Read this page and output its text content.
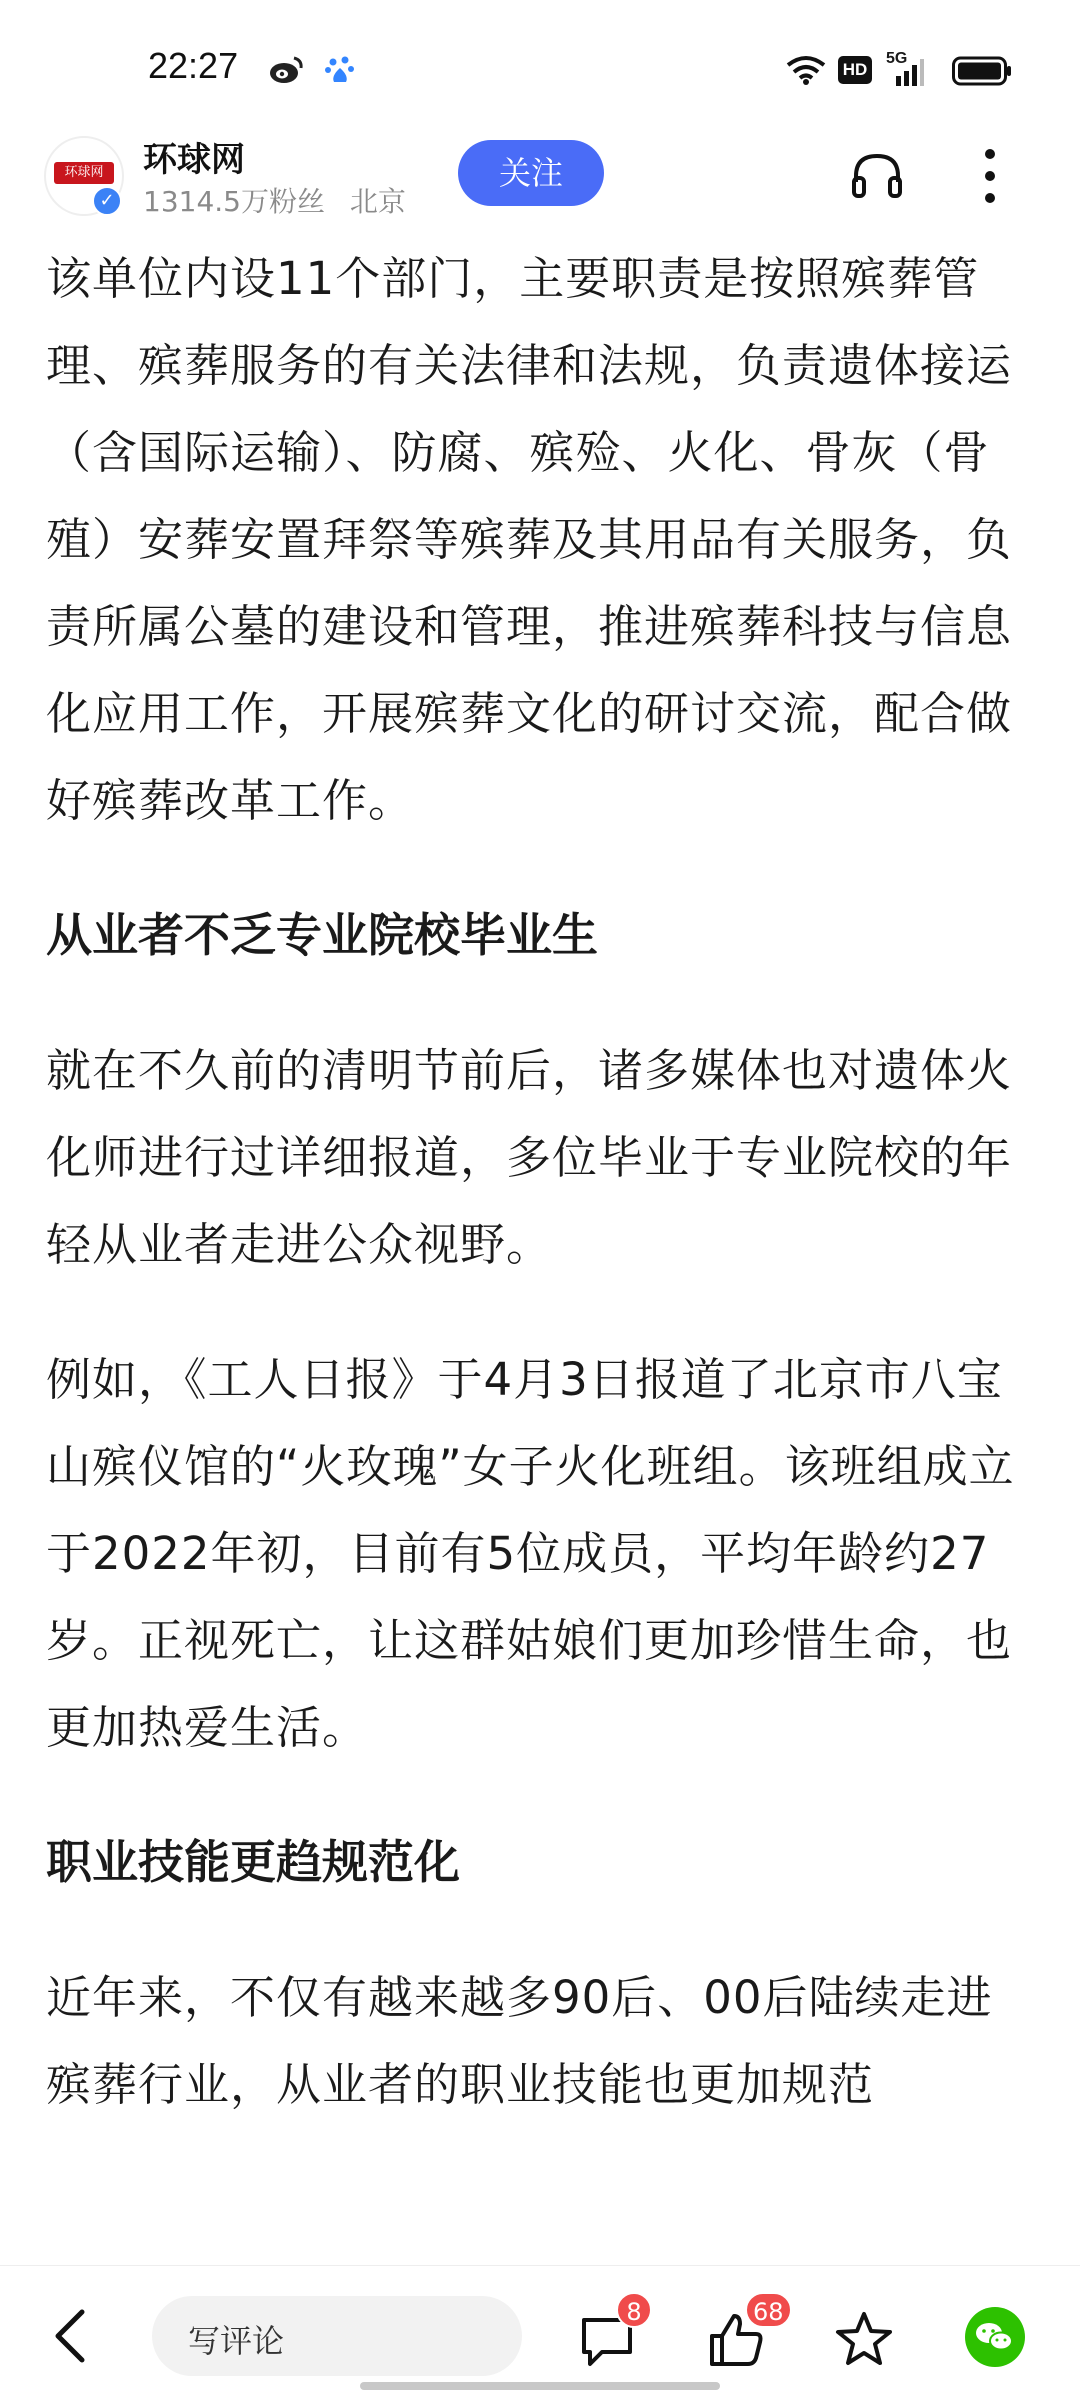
22:27	HD
5G
环球网
✓
环球网
1314.5万粉丝 北京
关注

该单位内设11个部门，主要职责是按照殡葬管理、殡葬服务的有关法律和法规，负责遗体接运（含国际运输）、防腐、殡殓、火化、骨灰（骨殖）安葬安置拜祭等殡葬及其用品有关服务，负责所属公墓的建设和管理，推进殡葬科技与信息化应用工作，开展殡葬文化的研讨交流，配合做好殡葬改革工作。

从业者不乏专业院校毕业生

就在不久前的清明节前后，诸多媒体也对遗体火化师进行过详细报道，多位毕业于专业院校的年轻从业者走进公众视野。

例如，《工人日报》于4月3日报道了北京市八宝山殡仪馆的“火玫瑰”女子火化班组。该班组成立于2022年初，目前有5位成员，平均年龄约27岁。正视死亡，让这群姑娘们更加珍惜生命，也更加热爱生活。

职业技能更趋规范化

近年来，不仅有越来越多90后、00后陆续走进殡葬行业，从业者的职业技能也更加规范

写评论
8	68
